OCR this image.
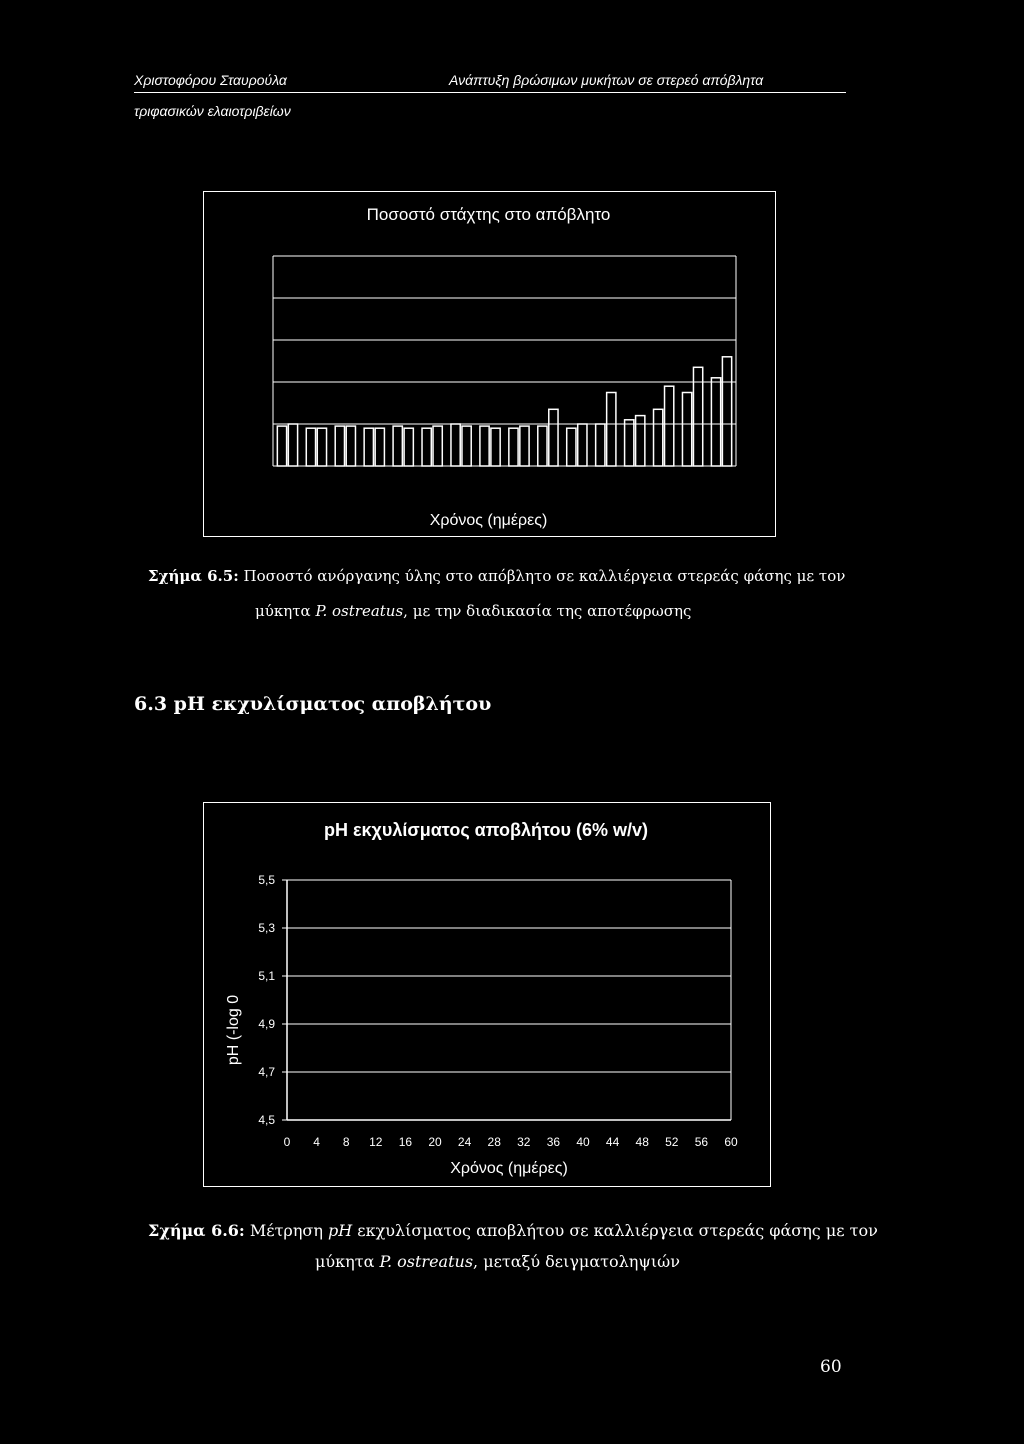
Χριστοφόρου Σταυρούλα	Ανάπτυξη βρώσιμων μυκήτων σε στερεό απόβλητα
τριφασικών ελαιοτριβείων
Ποσοστό στάχτης στο απόβλητο
Χρόνος (ημέρες)
Σχήμα 6.5: Ποσοστό ανόργανης ύλης στο απόβλητο σε καλλιέργεια στερεάς φάσης με τον
μύκητα P. ostreatus, με την διαδικασία της αποτέφρωσης
6.3 pH εκχυλίσματος αποβλήτου
pH εκχυλίσματος αποβλήτου (6% w/v)
5,5
5,3
5,1
4,9
4,7
4,5
0 4 8 12 16 20 24 28 32 36 40 44 48 52 56 60
Χρόνος (ημέρες)
pH (-log 0
Σχήμα 6.6: Μέτρηση pH εκχυλίσματος αποβλήτου σε καλλιέργεια στερεάς φάσης με τον
μύκητα P. ostreatus, μεταξύ δειγματοληψιών
60
